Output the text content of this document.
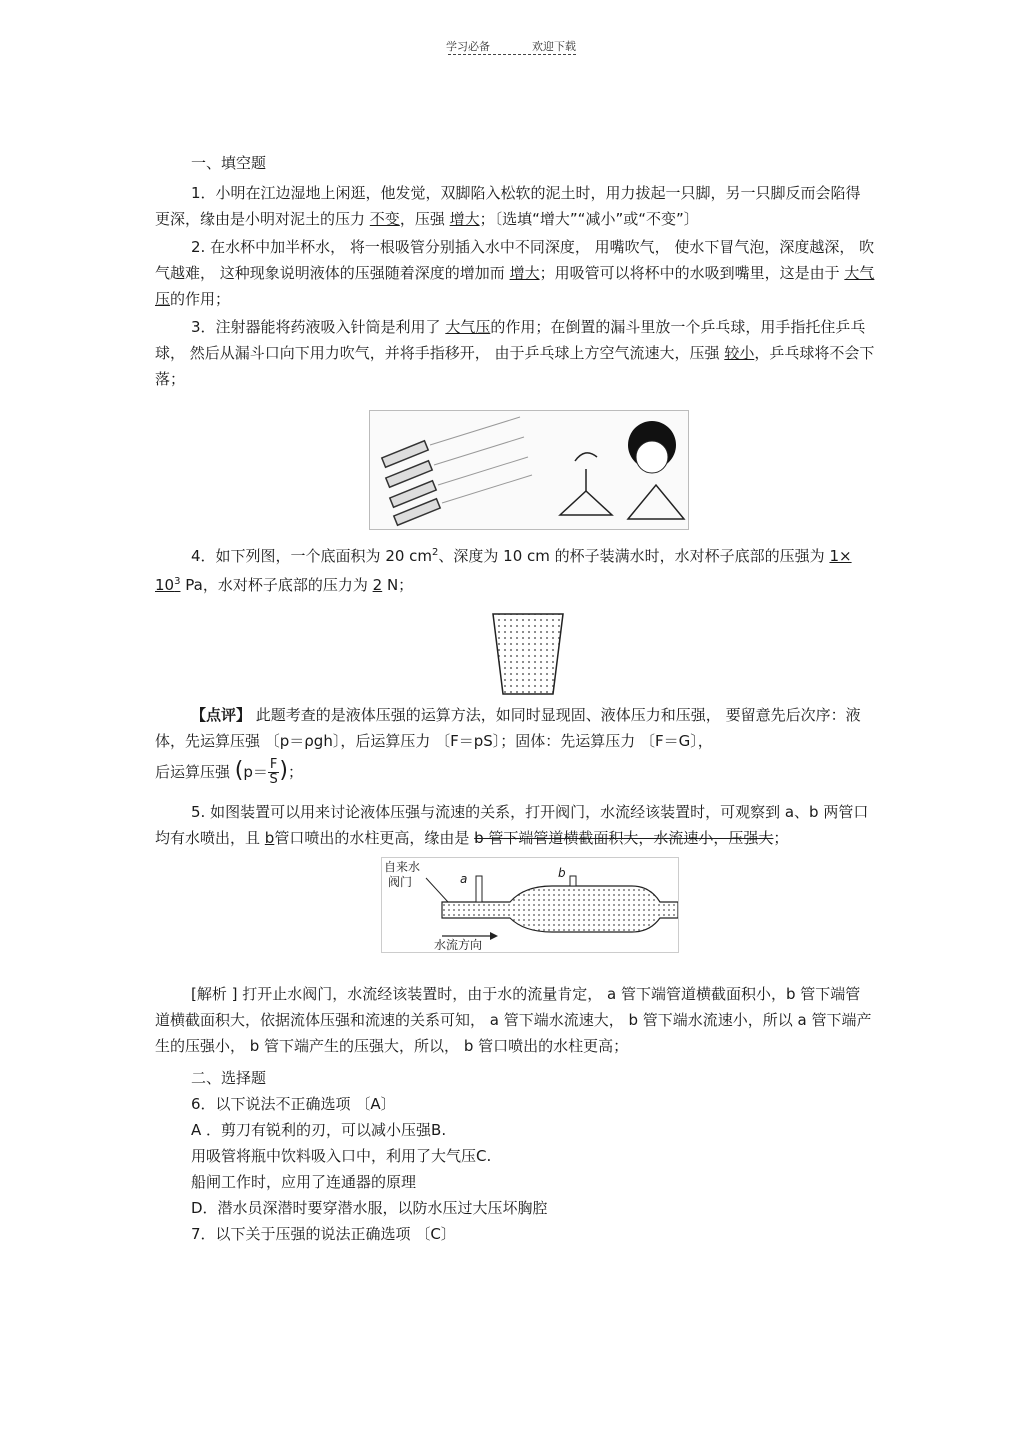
学习必备	欢迎下载

一、填空题

1．小明在江边湿地上闲逛，他发觉，双脚陷入松软的泥土时，用力拔起一只脚，另一只脚反而会陷得更深，缘由是小明对泥土的压力 不变，压强 增大；〔选填“增大”“减小”或“不变”〕

2. 在水杯中加半杯水， 将一根吸管分别插入水中不同深度， 用嘴吹气， 使水下冒气泡，深度越深， 吹气越难， 这种现象说明液体的压强随着深度的增加而 增大；用吸管可以将杯中的水吸到嘴里，这是由于 大气压的作用；

3．注射器能将药液吸入针筒是利用了 大气压的作用；在倒置的漏斗里放一个乒乓球，用手指托住乒乓球， 然后从漏斗口向下用力吹气，并将手指移开， 由于乒乓球上方空气流速大，压强 较小，乒乓球将不会下落；

4．如下列图，一个底面积为 20 $cm^2$、深度为 10 cm 的杯子装满水时，水对杯子底部的压强为 $1\times 10^3$ Pa，水对杯子底部的压力为 2 N；

【点评】 此题考查的是液体压强的运算方法，如同时显现固、液体压力和压强， 要留意先后次序：液体，先运算压强 〔p＝ρgh〕，后运算压力 〔F＝pS〕；固体：先运算压力 〔F＝G〕，

后运算压强 ($p= \frac{F}{S}$ )；

5. 如图装置可以用来讨论液体压强与流速的关系，打开阀门，水流经该装置时，可观察到 a、b 两管口均有水喷出，且 b管口喷出的水柱更高，缘由是 b 管下端管道横截面积大，水流速小，压强大；

自来水
阀门	a	b
水流方向

[解析 ] 打开止水阀门，水流经该装置时，由于水的流量肯定， a 管下端管道横截面积小，b 管下端管道横截面积大，依据流体压强和流速的关系可知， a 管下端水流速大， b 管下端水流速小，所以 a 管下端产生的压强小， b 管下端产生的压强大，所以， b 管口喷出的水柱更高；

二、选择题

6．以下说法不正确选项 〔A〕

A ．剪刀有锐利的刃，可以减小压强B.

用吸管将瓶中饮料吸入口中，利用了大气压C.

船闸工作时，应用了连通器的原理

D．潜水员深潜时要穿潜水服，以防水压过大压坏胸腔

7．以下关于压强的说法正确选项 〔C〕
